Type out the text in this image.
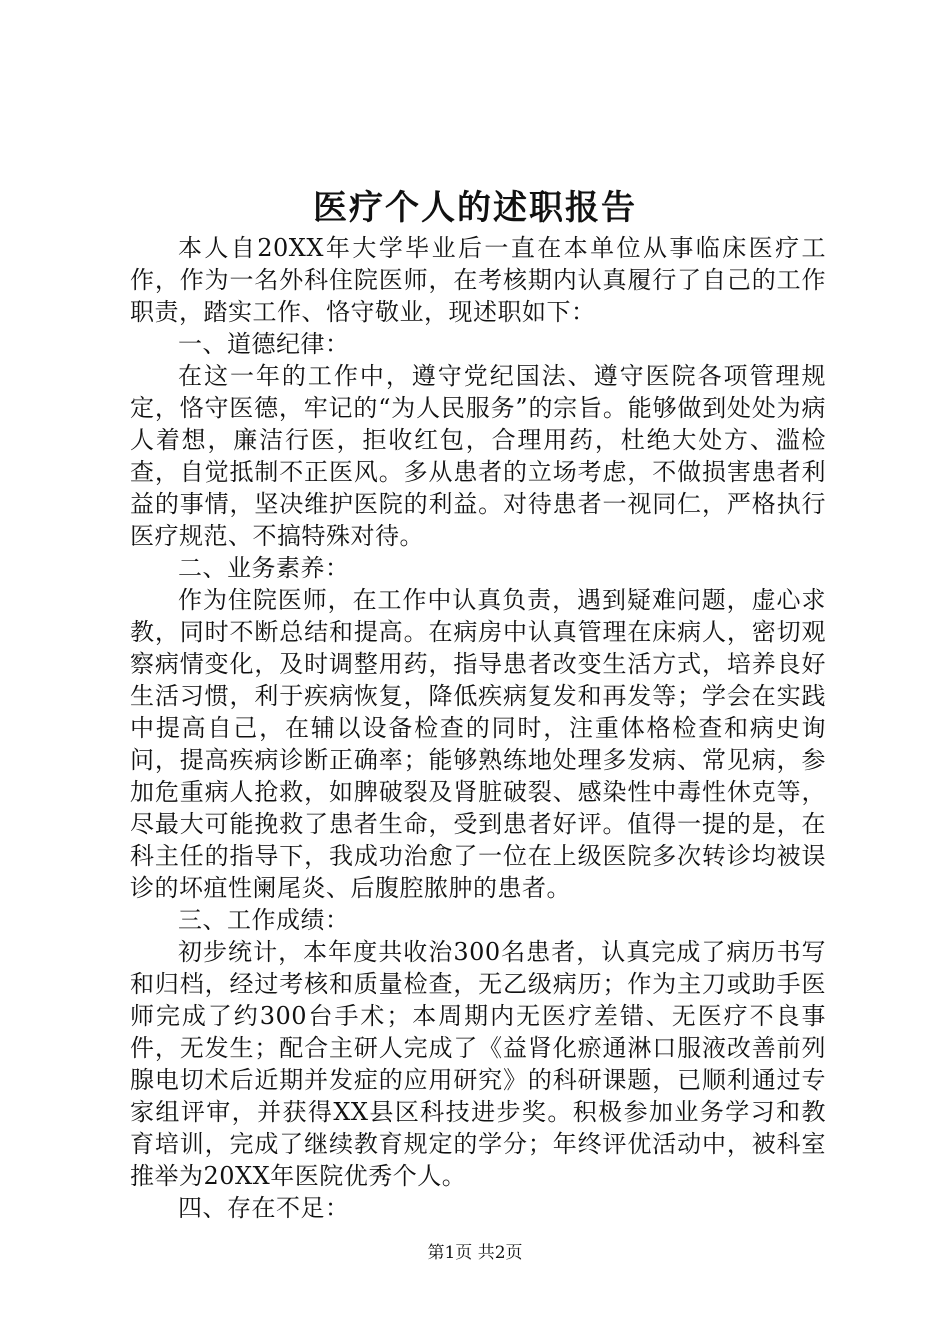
医疗个人的述职报告

本人自20XX年大学毕业后一直在本单位从事临床医疗工作，作为一名外科住院医师，在考核期内认真履行了自己的工作职责，踏实工作、恪守敬业，现述职如下：

一、道德纪律：

在这一年的工作中，遵守党纪国法、遵守医院各项管理规定，恪守医德，牢记的“为人民服务”的宗旨。能够做到处处为病人着想，廉洁行医，拒收红包，合理用药，杜绝大处方、滥检查，自觉抵制不正医风。多从患者的立场考虑，不做损害患者利益的事情，坚决维护医院的利益。对待患者一视同仁，严格执行医疗规范、不搞特殊对待。

二、业务素养：

作为住院医师，在工作中认真负责，遇到疑难问题，虚心求教，同时不断总结和提高。在病房中认真管理在床病人，密切观察病情变化，及时调整用药，指导患者改变生活方式，培养良好生活习惯，利于疾病恢复，降低疾病复发和再发等；学会在实践中提高自己，在辅以设备检查的同时，注重体格检查和病史询问，提高疾病诊断正确率；能够熟练地处理多发病、常见病，参加危重病人抢救，如脾破裂及肾脏破裂、感染性中毒性休克等，尽最大可能挽救了患者生命，受到患者好评。值得一提的是，在科主任的指导下，我成功治愈了一位在上级医院多次转诊均被误诊的坏疽性阑尾炎、后腹腔脓肿的患者。

三、工作成绩：

初步统计，本年度共收治300名患者，认真完成了病历书写和归档，经过考核和质量检查，无乙级病历；作为主刀或助手医师完成了约300台手术；本周期内无医疗差错、无医疗不良事件，无发生；配合主研人完成了《益肾化瘀通淋口服液改善前列腺电切术后近期并发症的应用研究》的科研课题，已顺利通过专家组评审，并获得XX县区科技进步奖。积极参加业务学习和教育培训，完成了继续教育规定的学分；年终评优活动中，被科室推举为20XX年医院优秀个人。

四、存在不足：

第1页 共2页
